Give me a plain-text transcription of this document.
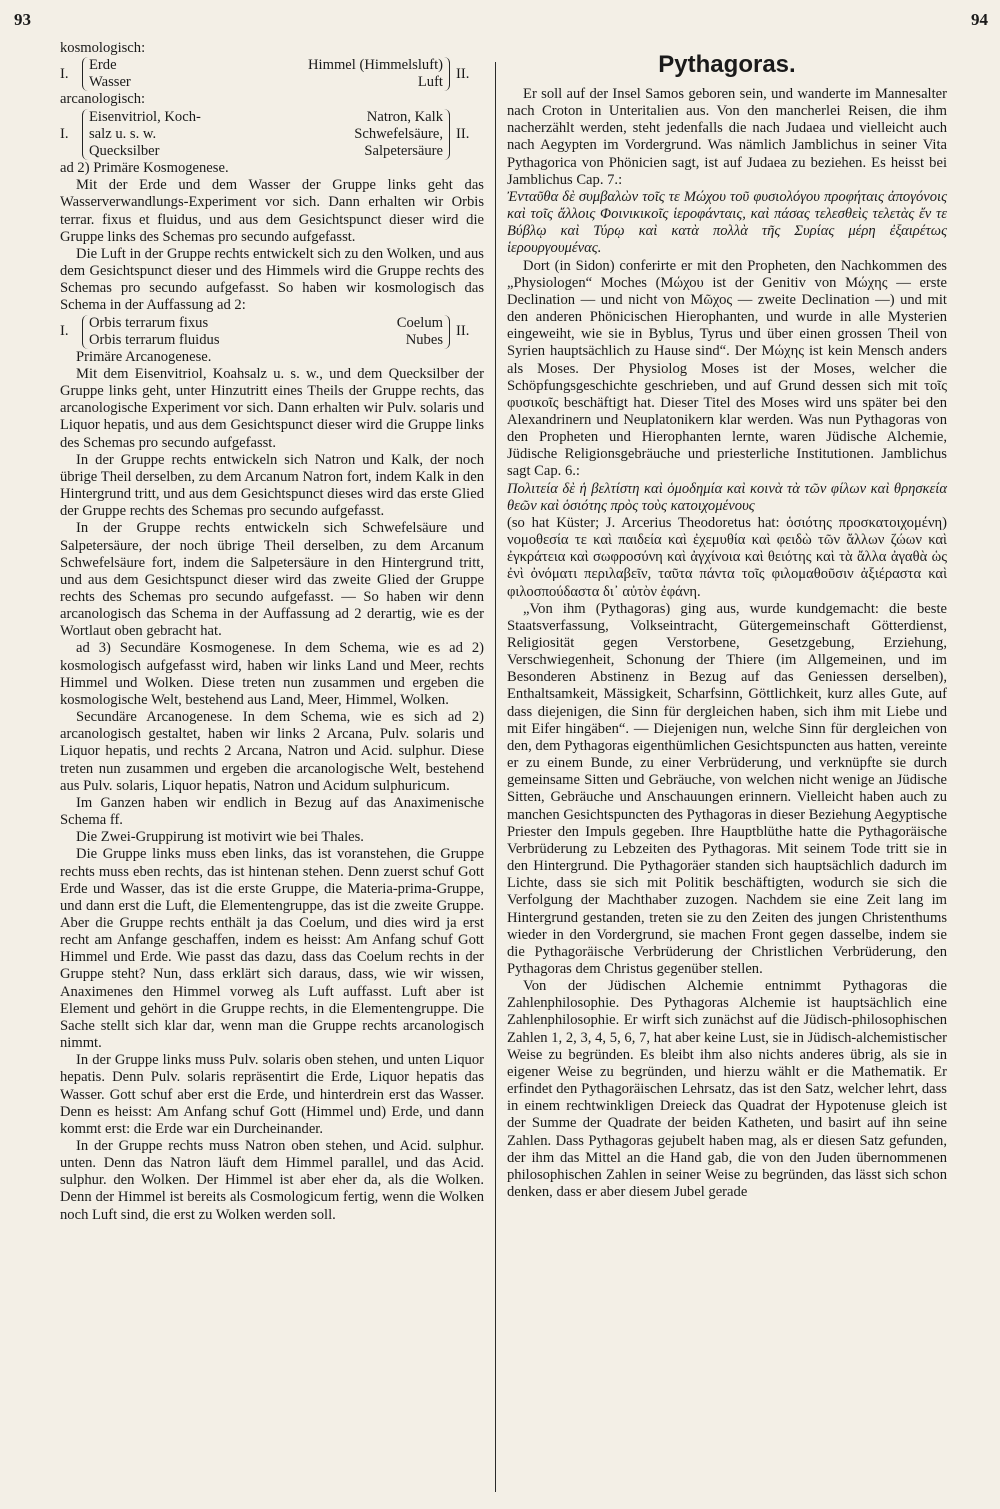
93	94

kosmologisch:

I.
Erde
Wasser
Himmel (Himmelsluft)
Luft
II.

arcanologisch:

I.
Eisenvitriol, Koch-
salz u. s. w.
Quecksilber
Natron, Kalk
Schwefelsäure,
Salpetersäure
II.

ad 2) Primäre Kosmogenese.

Mit der Erde und dem Wasser der Gruppe links geht das Wasserverwandlungs-Experiment vor sich. Dann erhalten wir Orbis terrar. fixus et fluidus, und aus dem Gesichtspunct dieser wird die Gruppe links des Schemas pro secundo aufgefasst.

Die Luft in der Gruppe rechts entwickelt sich zu den Wolken, und aus dem Gesichtspunct dieser und des Himmels wird die Gruppe rechts des Schemas pro secundo aufgefasst. So haben wir kosmologisch das Schema in der Auffassung ad 2:

I.
Orbis terrarum fixus
Orbis terrarum fluidus
Coelum
Nubes
II.

Primäre Arcanogenese.

Mit dem Eisenvitriol, Koahsalz u. s. w., und dem Quecksilber der Gruppe links geht, unter Hinzutritt eines Theils der Gruppe rechts, das arcanologische Experiment vor sich. Dann erhalten wir Pulv. solaris und Liquor hepatis, und aus dem Gesichtspunct dieser wird die Gruppe links des Schemas pro secundo aufgefasst.

In der Gruppe rechts entwickeln sich Natron und Kalk, der noch übrige Theil derselben, zu dem Arcanum Natron fort, indem Kalk in den Hintergrund tritt, und aus dem Gesichtspunct dieses wird das erste Glied der Gruppe rechts des Schemas pro secundo aufgefasst.

In der Gruppe rechts entwickeln sich Schwefelsäure und Salpetersäure, der noch übrige Theil derselben, zu dem Arcanum Schwefelsäure fort, indem die Salpetersäure in den Hintergrund tritt, und aus dem Gesichtspunct dieser wird das zweite Glied der Gruppe rechts des Schemas pro secundo aufgefasst. — So haben wir denn arcanologisch das Schema in der Auffassung ad 2 derartig, wie es der Wortlaut oben gebracht hat.

ad 3) Secundäre Kosmogenese. In dem Schema, wie es ad 2) kosmologisch aufgefasst wird, haben wir links Land und Meer, rechts Himmel und Wolken. Diese treten nun zusammen und ergeben die kosmologische Welt, bestehend aus Land, Meer, Himmel, Wolken.

Secundäre Arcanogenese. In dem Schema, wie es sich ad 2) arcanologisch gestaltet, haben wir links 2 Arcana, Pulv. solaris und Liquor hepatis, und rechts 2 Arcana, Natron und Acid. sulphur. Diese treten nun zusammen und ergeben die arcanologische Welt, bestehend aus Pulv. solaris, Liquor hepatis, Natron und Acidum sulphuricum.

Im Ganzen haben wir endlich in Bezug auf das Anaximenische Schema ff.

Die Zwei-Gruppirung ist motivirt wie bei Thales.

Die Gruppe links muss eben links, das ist voranstehen, die Gruppe rechts muss eben rechts, das ist hintenan stehen. Denn zuerst schuf Gott Erde und Wasser, das ist die erste Gruppe, die Materia-prima-Gruppe, und dann erst die Luft, die Elementengruppe, das ist die zweite Gruppe. Aber die Gruppe rechts enthält ja das Coelum, und dies wird ja erst recht am Anfange geschaffen, indem es heisst: Am Anfang schuf Gott Himmel und Erde. Wie passt das dazu, dass das Coelum rechts in der Gruppe steht? Nun, dass erklärt sich daraus, dass, wie wir wissen, Anaximenes den Himmel vorweg als Luft auffasst. Luft aber ist Element und gehört in die Gruppe rechts, in die Elementengruppe. Die Sache stellt sich klar dar, wenn man die Gruppe rechts arcanologisch nimmt.

In der Gruppe links muss Pulv. solaris oben stehen, und unten Liquor hepatis. Denn Pulv. solaris repräsentirt die Erde, Liquor hepatis das Wasser. Gott schuf aber erst die Erde, und hinterdrein erst das Wasser. Denn es heisst: Am Anfang schuf Gott (Himmel und) Erde, und dann kommt erst: die Erde war ein Durcheinander.

In der Gruppe rechts muss Natron oben stehen, und Acid. sulphur. unten. Denn das Natron läuft dem Himmel parallel, und das Acid. sulphur. den Wolken. Der Himmel ist aber eher da, als die Wolken. Denn der Himmel ist bereits als Cosmologicum fertig, wenn die Wolken noch Luft sind, die erst zu Wolken werden soll.

Pythagoras.

Er soll auf der Insel Samos geboren sein, und wanderte im Mannesalter nach Croton in Unteritalien aus. Von den mancherlei Reisen, die ihm nacherzählt werden, steht jedenfalls die nach Judaea und vielleicht auch nach Aegypten im Vordergrund. Was nämlich Jamblichus in seiner Vita Pythagorica von Phönicien sagt, ist auf Judaea zu beziehen. Es heisst bei Jamblichus Cap. 7.:

Ἐνταῦθα δὲ συμβαλὼν τοῖς τε Μώχου τοῦ φυσιολόγου προφήταις ἀπογόνοις καὶ τοῖς ἄλλοις Φοινικικοῖς ἱεροφάνταις, καὶ πάσας τελεσθεὶς τελετὰς ἔν τε Βύβλῳ καὶ Τύρῳ καὶ κατὰ πολλὰ τῆς Συρίας μέρη ἐξαιρέτως ἱερουργουμένας.

Dort (in Sidon) conferirte er mit den Propheten, den Nachkommen des „Physiologen“ Moches (Μώχου ist der Genitiv von Μώχης — erste Declination — und nicht von Μῶχος — zweite Declination —) und mit den anderen Phönicischen Hierophanten, und wurde in alle Mysterien eingeweiht, wie sie in Byblus, Tyrus und über einen grossen Theil von Syrien hauptsächlich zu Hause sind“. Der Μώχης ist kein Mensch anders als Moses. Der Physiolog Moses ist der Moses, welcher die Schöpfungsgeschichte geschrieben, und auf Grund dessen sich mit τοῖς φυσικοῖς beschäftigt hat. Dieser Titel des Moses wird uns später bei den Alexandrinern und Neuplatonikern klar werden. Was nun Pythagoras von den Propheten und Hierophanten lernte, waren Jüdische Alchemie, Jüdische Religionsgebräuche und priesterliche Institutionen. Jamblichus sagt Cap. 6.:

Πολιτεία δὲ ἡ βελτίστη καὶ ὁμοδημία καὶ κοινὰ τὰ τῶν φίλων καὶ θρησκεία θεῶν καὶ ὁσιότης πρὸς τοὺς κατοιχομένους

(so hat Küster; J. Arcerius Theodoretus hat: ὁσιότης προσκατοιχομένη) νομοθεσία τε καὶ παιδεία καὶ ἐχεμυθία καὶ φειδὼ τῶν ἄλλων ζώων καὶ ἐγκράτεια καὶ σωφροσύνη καὶ ἀγχίνοια καὶ θειότης καὶ τὰ ἄλλα ἀγαθὰ ὡς ἐνὶ ὀνόματι περιλαβεῖν, ταῦτα πάντα τοῖς φιλομαθοῦσιν ἀξιέραστα καὶ φιλοσπούδαστα δι᾽ αὐτὸν ἐφάνη.

„Von ihm (Pythagoras) ging aus, wurde kundgemacht: die beste Staatsverfassung, Volkseintracht, Gütergemeinschaft Götterdienst, Religiosität gegen Verstorbene, Gesetzgebung, Erziehung, Verschwiegenheit, Schonung der Thiere (im Allgemeinen, und im Besonderen Abstinenz in Bezug auf das Geniessen derselben), Enthaltsamkeit, Mässigkeit, Scharfsinn, Göttlichkeit, kurz alles Gute, auf dass diejenigen, die Sinn für dergleichen haben, sich ihm mit Liebe und mit Eifer hingäben“. — Diejenigen nun, welche Sinn für dergleichen von den, dem Pythagoras eigenthümlichen Gesichtspuncten aus hatten, vereinte er zu einem Bunde, zu einer Verbrüderung, und verknüpfte sie durch gemeinsame Sitten und Gebräuche, von welchen nicht wenige an Jüdische Sitten, Gebräuche und Anschauungen erinnern. Vielleicht haben auch zu manchen Gesichtspuncten des Pythagoras in dieser Beziehung Aegyptische Priester den Impuls gegeben. Ihre Hauptblüthe hatte die Pythagoräische Verbrüderung zu Lebzeiten des Pythagoras. Mit seinem Tode tritt sie in den Hintergrund. Die Pythagoräer standen sich hauptsächlich dadurch im Lichte, dass sie sich mit Politik beschäftigten, wodurch sie sich die Verfolgung der Machthaber zuzogen. Nachdem sie eine Zeit lang im Hintergrund gestanden, treten sie zu den Zeiten des jungen Christenthums wieder in den Vordergrund, sie machen Front gegen dasselbe, indem sie die Pythagoräische Verbrüderung der Christlichen Verbrüderung, den Pythagoras dem Christus gegenüber stellen.

Von der Jüdischen Alchemie entnimmt Pythagoras die Zahlenphilosophie. Des Pythagoras Alchemie ist hauptsächlich eine Zahlenphilosophie. Er wirft sich zunächst auf die Jüdisch-philosophischen Zahlen 1, 2, 3, 4, 5, 6, 7, hat aber keine Lust, sie in Jüdisch-alchemistischer Weise zu begründen. Es bleibt ihm also nichts anderes übrig, als sie in eigener Weise zu begründen, und hierzu wählt er die Mathematik. Er erfindet den Pythagoräischen Lehrsatz, das ist den Satz, welcher lehrt, dass in einem rechtwinkligen Dreieck das Quadrat der Hypotenuse gleich ist der Summe der Quadrate der beiden Katheten, und basirt auf ihn seine Zahlen. Dass Pythagoras gejubelt haben mag, als er diesen Satz gefunden, der ihm das Mittel an die Hand gab, die von den Juden übernommenen philosophischen Zahlen in seiner Weise zu begründen, das lässt sich schon denken, dass er aber diesem Jubel gerade
